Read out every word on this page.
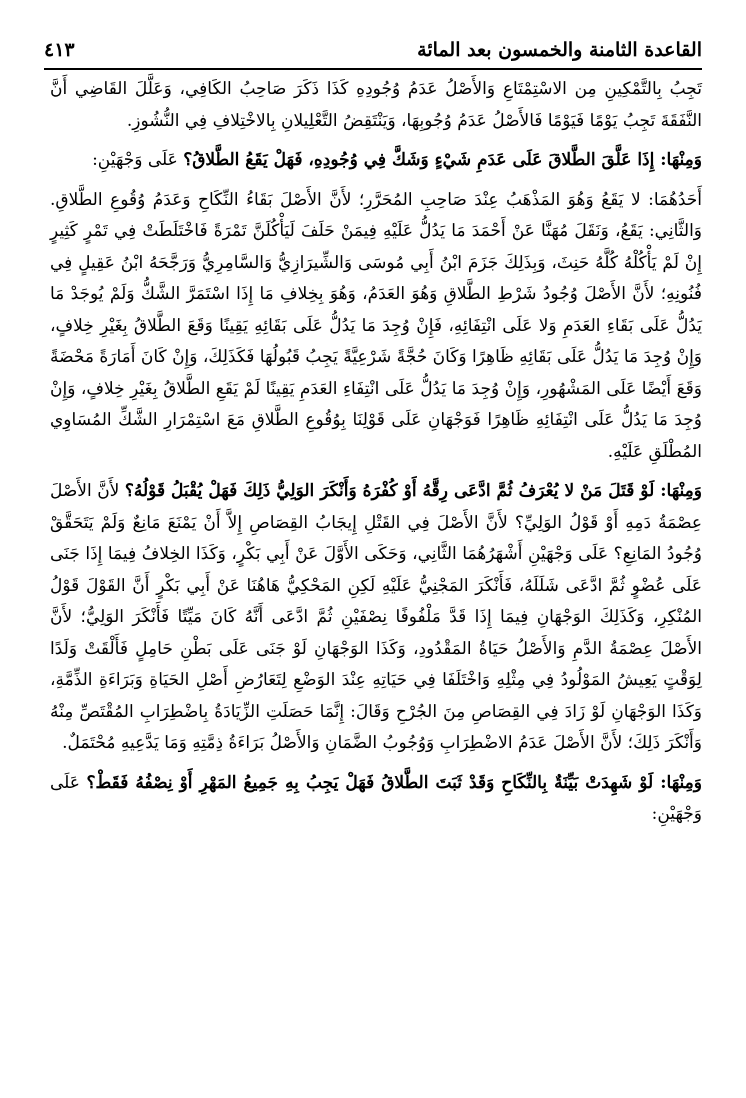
القاعدة الثامنة والخمسون بعد المائة
٤١٣

تَجِبُ بِالتَّمْكِينِ مِن الاسْتِمْتَاعِ وَالأَصْلُ عَدَمُ وُجُودِهِ كَذَا ذَكَرَ صَاحِبُ الكَافِي، وَعَلَّلَ القَاضِي أَنَّ النَّفَقَةَ تَجِبُ يَوْمًا فَيَوْمًا فَالأَصْلُ عَدَمُ وُجُوبِهَا، وَيَنْتَقِضُ التَّعْلِيلانِ بِالاخْتِلافِ فِي النُّشُوزِ.

وَمِنْهَا: إِذَا عَلَّقَ الطَّلاقَ عَلَى عَدَمِ شَيْءٍ وَشَكَّ فِي وُجُودِهِ، فَهَلْ يَقَعُ الطَّلاقُ؟ عَلَى وَجْهَيْنِ:

أَحَدُهُمَا: لا يَقَعُ وَهُوَ المَذْهَبُ عِنْدَ صَاحِبِ المُحَرَّرِ؛ لأَنَّ الأَصْلَ بَقَاءُ النِّكَاحِ وَعَدَمُ وُقُوعِ الطَّلاقِ. وَالثَّانِي: يَقَعُ، وَنَقَلَ مُهَنَّا عَنْ أَحْمَدَ مَا يَدُلُّ عَلَيْهِ فِيمَنْ حَلَفَ لَيَأْكُلَنَّ تَمْرَةً فَاخْتَلَطَتْ فِي تَمْرٍ كَثِيرٍ إِنْ لَمْ يَأْكُلْهُ كُلَّهُ حَنِثَ، وَبِذَلِكَ جَزَمَ ابْنُ أَبِي مُوسَى وَالشِّيرَازِيُّ وَالسَّامِرِيُّ وَرَجَّحَهُ ابْنُ عَقِيلٍ فِي فُنُونِهِ؛ لأَنَّ الأَصْلَ وُجُودُ شَرْطِ الطَّلاقِ وَهُوَ العَدَمُ، وَهُوَ بِخِلافِ مَا إِذَا اسْتَمَرَّ الشَّكُّ وَلَمْ يُوجَدْ مَا يَدُلُّ عَلَى بَقَاءِ العَدَمِ وَلا عَلَى انْتِفَائِهِ، فَإِنْ وُجِدَ مَا يَدُلُّ عَلَى بَقَائِهِ يَقِينًا وَقَعَ الطَّلاقُ بِغَيْرِ خِلافٍ، وَإِنْ وُجِدَ مَا يَدُلُّ عَلَى بَقَائِهِ ظَاهِرًا وَكَانَ حُجَّةً شَرْعِيَّةً يَجِبُ قَبُولُهَا فَكَذَلِكَ، وَإِنْ كَانَ أَمَارَةً مَحْضَةً وَقَعَ أَيْضًا عَلَى المَشْهُورِ، وَإِنْ وُجِدَ مَا يَدُلُّ عَلَى انْتِفَاءِ العَدَمِ يَقِينًا لَمْ يَقَعِ الطَّلاقُ بِغَيْرِ خِلافٍ، وَإِنْ وُجِدَ مَا يَدُلُّ عَلَى انْتِفَائِهِ ظَاهِرًا فَوَجْهَانِ عَلَى قَوْلِنَا بِوُقُوعِ الطَّلاقِ مَعَ اسْتِمْرَارِ الشَّكِّ المُسَاوِي المُطْلَقِ عَلَيْهِ.

وَمِنْهَا: لَوْ قَتَلَ مَنْ لا يُعْرَفُ ثُمَّ ادَّعَى رِقَّهُ أَوْ كُفْرَهُ وَأَنْكَرَ الوَلِيُّ ذَلِكَ فَهَلْ يُقْبَلُ قَوْلُهُ؟ لأَنَّ الأَصْلَ عِصْمَةُ دَمِهِ أَوْ قَوْلُ الوَلِيِّ؟ لأَنَّ الأَصْلَ فِي القَتْلِ إِيجَابُ القِصَاصِ إِلاَّ أَنْ يَمْنَعَ مَانِعٌ وَلَمْ يَتَحَقَّقْ وُجُودُ المَانِعِ؟ عَلَى وَجْهَيْنِ أَشْهَرُهُمَا الثَّانِي، وَحَكَى الأَوَّلَ عَنْ أَبِي بَكْرٍ، وَكَذَا الخِلافُ فِيمَا إِذَا جَنَى عَلَى عُضْوٍ ثُمَّ ادَّعَى شَلَلَهُ، فَأَنْكَرَ المَجْنِيُّ عَلَيْهِ لَكِنِ المَحْكِيُّ هَاهُنَا عَنْ أَبِي بَكْرٍ أَنَّ القَوْلَ قَوْلُ المُنْكِرِ، وَكَذَلِكَ الوَجْهَانِ فِيمَا إِذَا قَدَّ مَلْفُوفًا نِصْفَيْنِ ثُمَّ ادَّعَى أَنَّهُ كَانَ مَيِّتًا فَأَنْكَرَ الوَلِيُّ؛ لأَنَّ الأَصْلَ عِصْمَةُ الدَّمِ وَالأَصْلُ حَيَاةُ المَقْدُودِ، وَكَذَا الوَجْهَانِ لَوْ جَنَى عَلَى بَطْنِ حَامِلٍ فَأَلْقَتْ وَلَدًا لِوَقْتٍ يَعِيشُ المَوْلُودُ فِي مِثْلِهِ وَاخْتَلَفَا فِي حَيَاتِهِ عِنْدَ الوَضْعِ لِتَعَارُضِ أَصْلِ الحَيَاةِ وَبَرَاءَةِ الذِّمَّةِ، وَكَذَا الوَجْهَانِ لَوْ زَادَ فِي القِصَاصِ مِنَ الجُرْحِ وَقَالَ: إِنَّمَا حَصَلَتِ الزِّيَادَةُ بِاضْطِرَابِ المُقْتَصِّ مِنْهُ وَأَنْكَرَ ذَلِكَ؛ لأَنَّ الأَصْلَ عَدَمُ الاضْطِرَابِ وَوُجُوبُ الضَّمَانِ وَالأَصْلُ بَرَاءَةُ ذِمَّتِهِ وَمَا يَدَّعِيهِ مُحْتَمَلٌ.

وَمِنْهَا: لَوْ شَهِدَتْ بَيِّنَةٌ بِالنِّكَاحِ وَقَدْ ثَبَتَ الطَّلاقُ فَهَلْ يَجِبُ بِهِ جَمِيعُ المَهْرِ أَوْ نِصْفُهُ فَقَطْ؟ عَلَى وَجْهَيْنِ:
